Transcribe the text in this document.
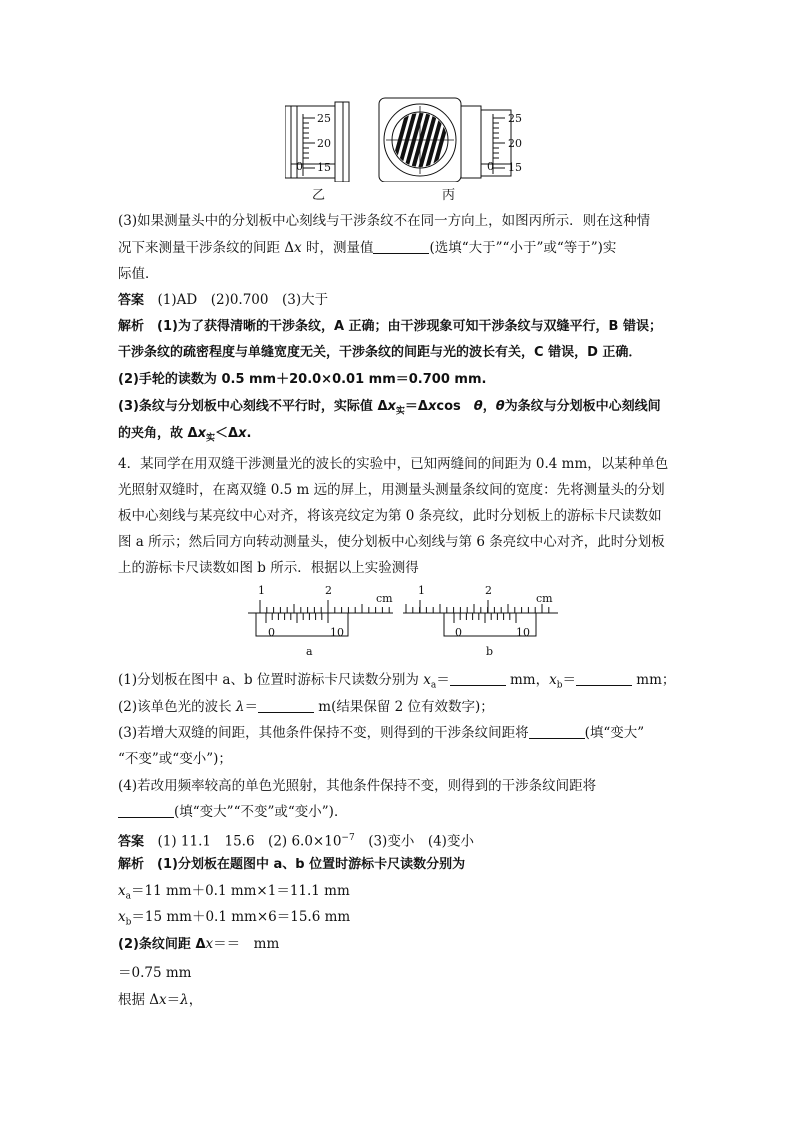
25
20
15
0
25
20
15
0
乙	丙
(3)如果测量头中的分划板中心刻线与干涉条纹不在同一方向上，如图丙所示．则在这种情
况下来测量干涉条纹的间距 Δx 时，测量值	(选填“大于”“小于”或“等于”)实
际值．
答案　 (1)AD　(2)0.700　(3)大于
解析　 (1)为了获得清晰的干涉条纹，A 正确；由干涉现象可知干涉条纹与双缝平行，B 错误；
干涉条纹的疏密程度与单缝宽度无关，干涉条纹的间距与光的波长有关，C 错误，D 正确．
(2)手轮的读数为 0.5 mm＋20.0×0.01 mm＝0.700 mm.
(3)条纹与分划板中心刻线不平行时，实际值 $\Delta x_实=\Delta xcos$　θ，θ为条纹与分划板中心刻线间
的夹角，故 $\Delta x_实<\Delta x$.
4．某同学在用双缝干涉测量光的波长的实验中，已知两缝间的间距为 0.4 mm，以某种单色
光照射双缝时，在离双缝 0.5 m 远的屏上，用测量头测量条纹间的宽度：先将测量头的分划
板中心刻线与某亮纹中心对齐，将该亮纹定为第 0 条亮纹，此时分划板上的游标卡尺读数如
图 a 所示；然后同方向转动测量头，使分划板中心刻线与第 6 条亮纹中心对齐，此时分划板
上的游标卡尺读数如图 b 所示．根据以上实验测得
1	2
cm
0	10
a
1	2
cm
0	10
b
(1)分划板在图中 a、b 位置时游标卡尺读数分别为 $x_a=$	mm，$x_b=$	mm；
(2)该单色光的波长 λ＝	m(结果保留 2 位有效数字)；
(3)若增大双缝的间距，其他条件保持不变，则得到的干涉条纹间距将	(填“变大”
“不变”或“变小”)；
(4)若改用频率较高的单色光照射，其他条件保持不变，则得到的干涉条纹间距将
(填“变大”“不变”或“变小”)．
答案　 (1) 11.1　15.6　(2) $6.0\times 10^{-7}$　(3)变小　(4)变小
解析　 (1)分划板在题图中 a、b 位置时游标卡尺读数分别为
$x_a=11$ mm＋0.1 mm×1＝11.1 mm
$x_b=15$ mm＋0.1 mm×6＝15.6 mm
(2)条纹间距 Δx＝＝　mm
＝0.75 mm
根据 Δx＝λ，
